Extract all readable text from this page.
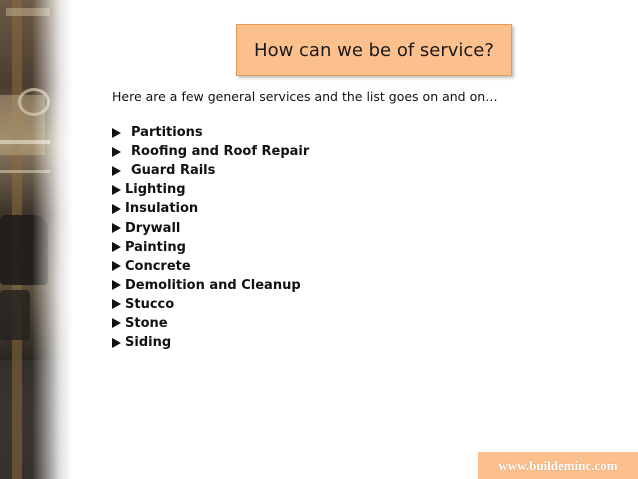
How can we be of service?
Here are a few general services and the list goes on and on…
Partitions
Roofing and Roof Repair
Guard Rails
Lighting
Insulation
Drywall
Painting
Concrete
Demolition and Cleanup
Stucco
Stone
Siding
www.buildeminc.com
